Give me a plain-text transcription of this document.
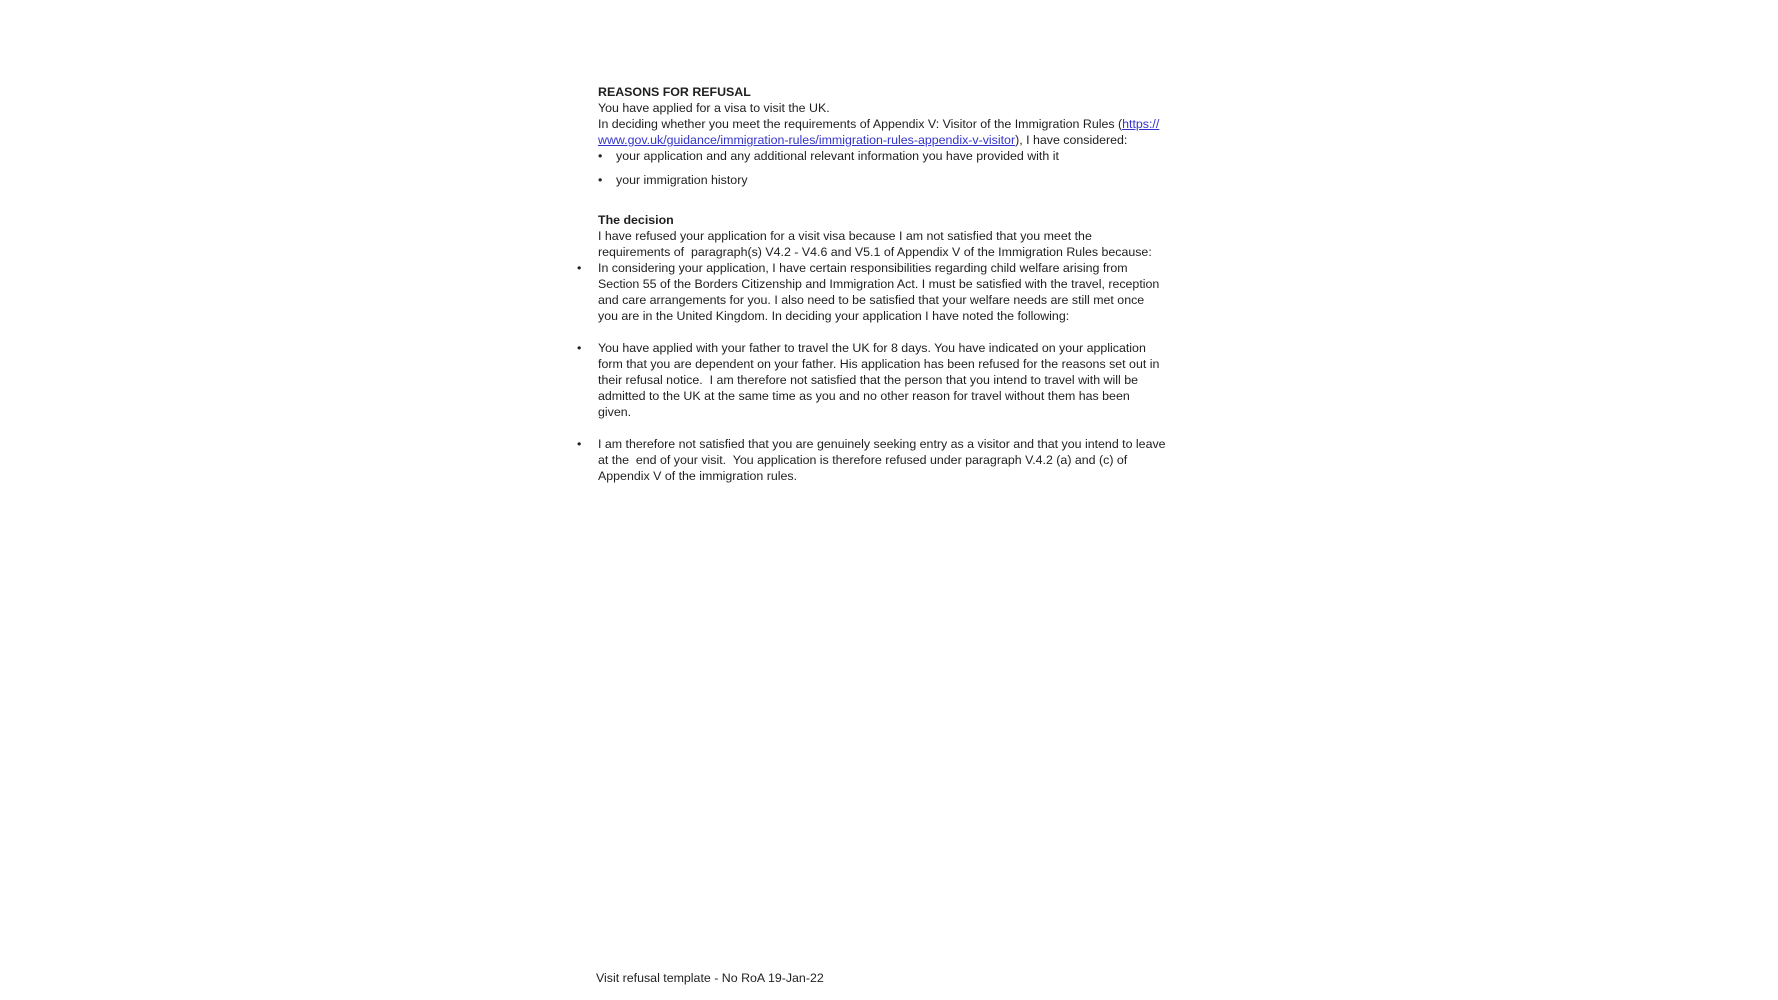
REASONS FOR REFUSAL

You have applied for a visa to visit the UK.

In deciding whether you meet the requirements of Appendix V: Visitor of the Immigration Rules (https://www.gov.uk/guidance/immigration-rules/immigration-rules-appendix-v-visitor), I have considered:

•	your application and any additional relevant information you have provided with it
•	your immigration history

The decision

I have refused your application for a visit visa because I am not satisfied that you meet the requirements of  paragraph(s) V4.2 - V4.6 and V5.1 of Appendix V of the Immigration Rules because:

•	In considering your application, I have certain responsibilities regarding child welfare arising from Section 55 of the Borders Citizenship and Immigration Act. I must be satisfied with the travel, reception and care arrangements for you. I also need to be satisfied that your welfare needs are still met once you are in the United Kingdom. In deciding your application I have noted the following:
•	You have applied with your father to travel the UK for 8 days. You have indicated on your application form that you are dependent on your father. His application has been refused for the reasons set out in their refusal notice.  I am therefore not satisfied that the person that you intend to travel with will be admitted to the UK at the same time as you and no other reason for travel without them has been given.
•	I am therefore not satisfied that you are genuinely seeking entry as a visitor and that you intend to leave at the  end of your visit.  You application is therefore refused under paragraph V.4.2 (a) and (c) of Appendix V of the immigration rules.
Visit refusal template - No RoA 19-Jan-22
